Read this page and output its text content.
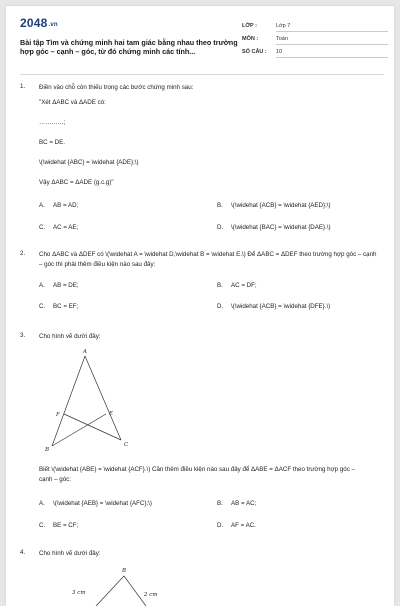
2048.vn
Bài tập Tìm và chứng minh hai tam giác bằng nhau theo trường hợp góc – cạnh – góc, từ đó chứng minh các tính...
LỚP :	Lớp 7
MÔN :	Toán
SỐ CÂU : 10
1. Điền vào chỗ còn thiếu trong các bước chứng minh sau:
"Xét ΔABC và ΔADE có:
…………;
BC = DE.
\(\widehat {ABC} = \widehat {ADE};\)
Vậy ΔABC = ΔADE (g.c.g)"
A. AB = AD;	B. \(\widehat {ACB} = \widehat {AED};\)
C. AC = AE;	D. \(\widehat {BAC} = \widehat {DAE}.\)
2. Cho ΔABC và ΔDEF có \(\widehat A = \widehat D,\widehat B = \widehat E.\) Để ΔABC = ΔDEF theo trường hợp góc – cạnh – góc thì phải thêm điều kiện nào sau đây:
A. AB = DE;	B. AC = DF;
C. BC = EF;	D. \(\widehat {ACB} = \widehat {DFE}.\)
3. Cho hình vẽ dưới đây:
A
B
C
E
F
Biết \(\widehat {ABE} = \widehat {ACF}.\) Cần thêm điều kiện nào sau đây để ΔABE = ΔACF theo trường hợp góc – cạnh – góc:
A. \(\widehat {AEB} = \widehat {AFC};\)	B. AB = AC;
C. BE = CF;	D. AF = AC.
4. Cho hình vẽ dưới đây:
B
3 cm	2 cm
